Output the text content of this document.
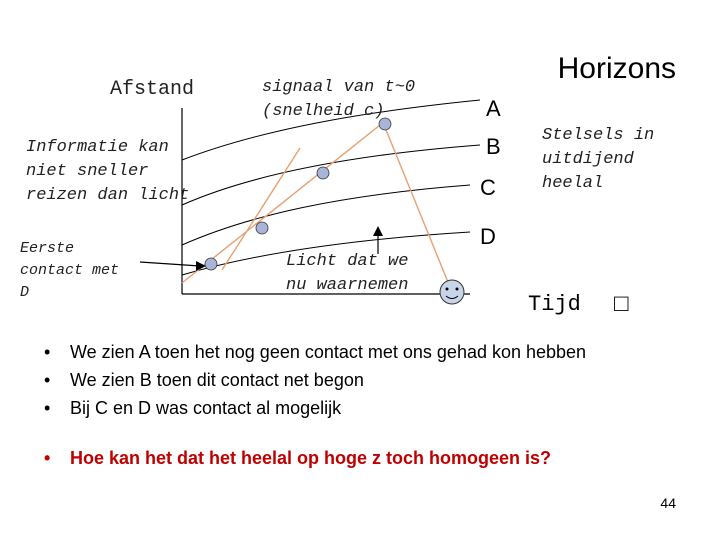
Horizons
Afstand	signaal van t~0
(snelheid c)
Informatie kan
niet sneller
reizen dan licht
Eerste
contact met
D
Licht dat we
nu waarnemen
Stelsels in
uitdijend
heelal
Tijd □
A
B
C
D
• We zien A toen het nog geen contact met ons gehad kon hebben
• We zien B toen dit contact net begon
• Bij C en D was contact al mogelijk
• Hoe kan het dat het heelal op hoge z toch homogeen is?
44
